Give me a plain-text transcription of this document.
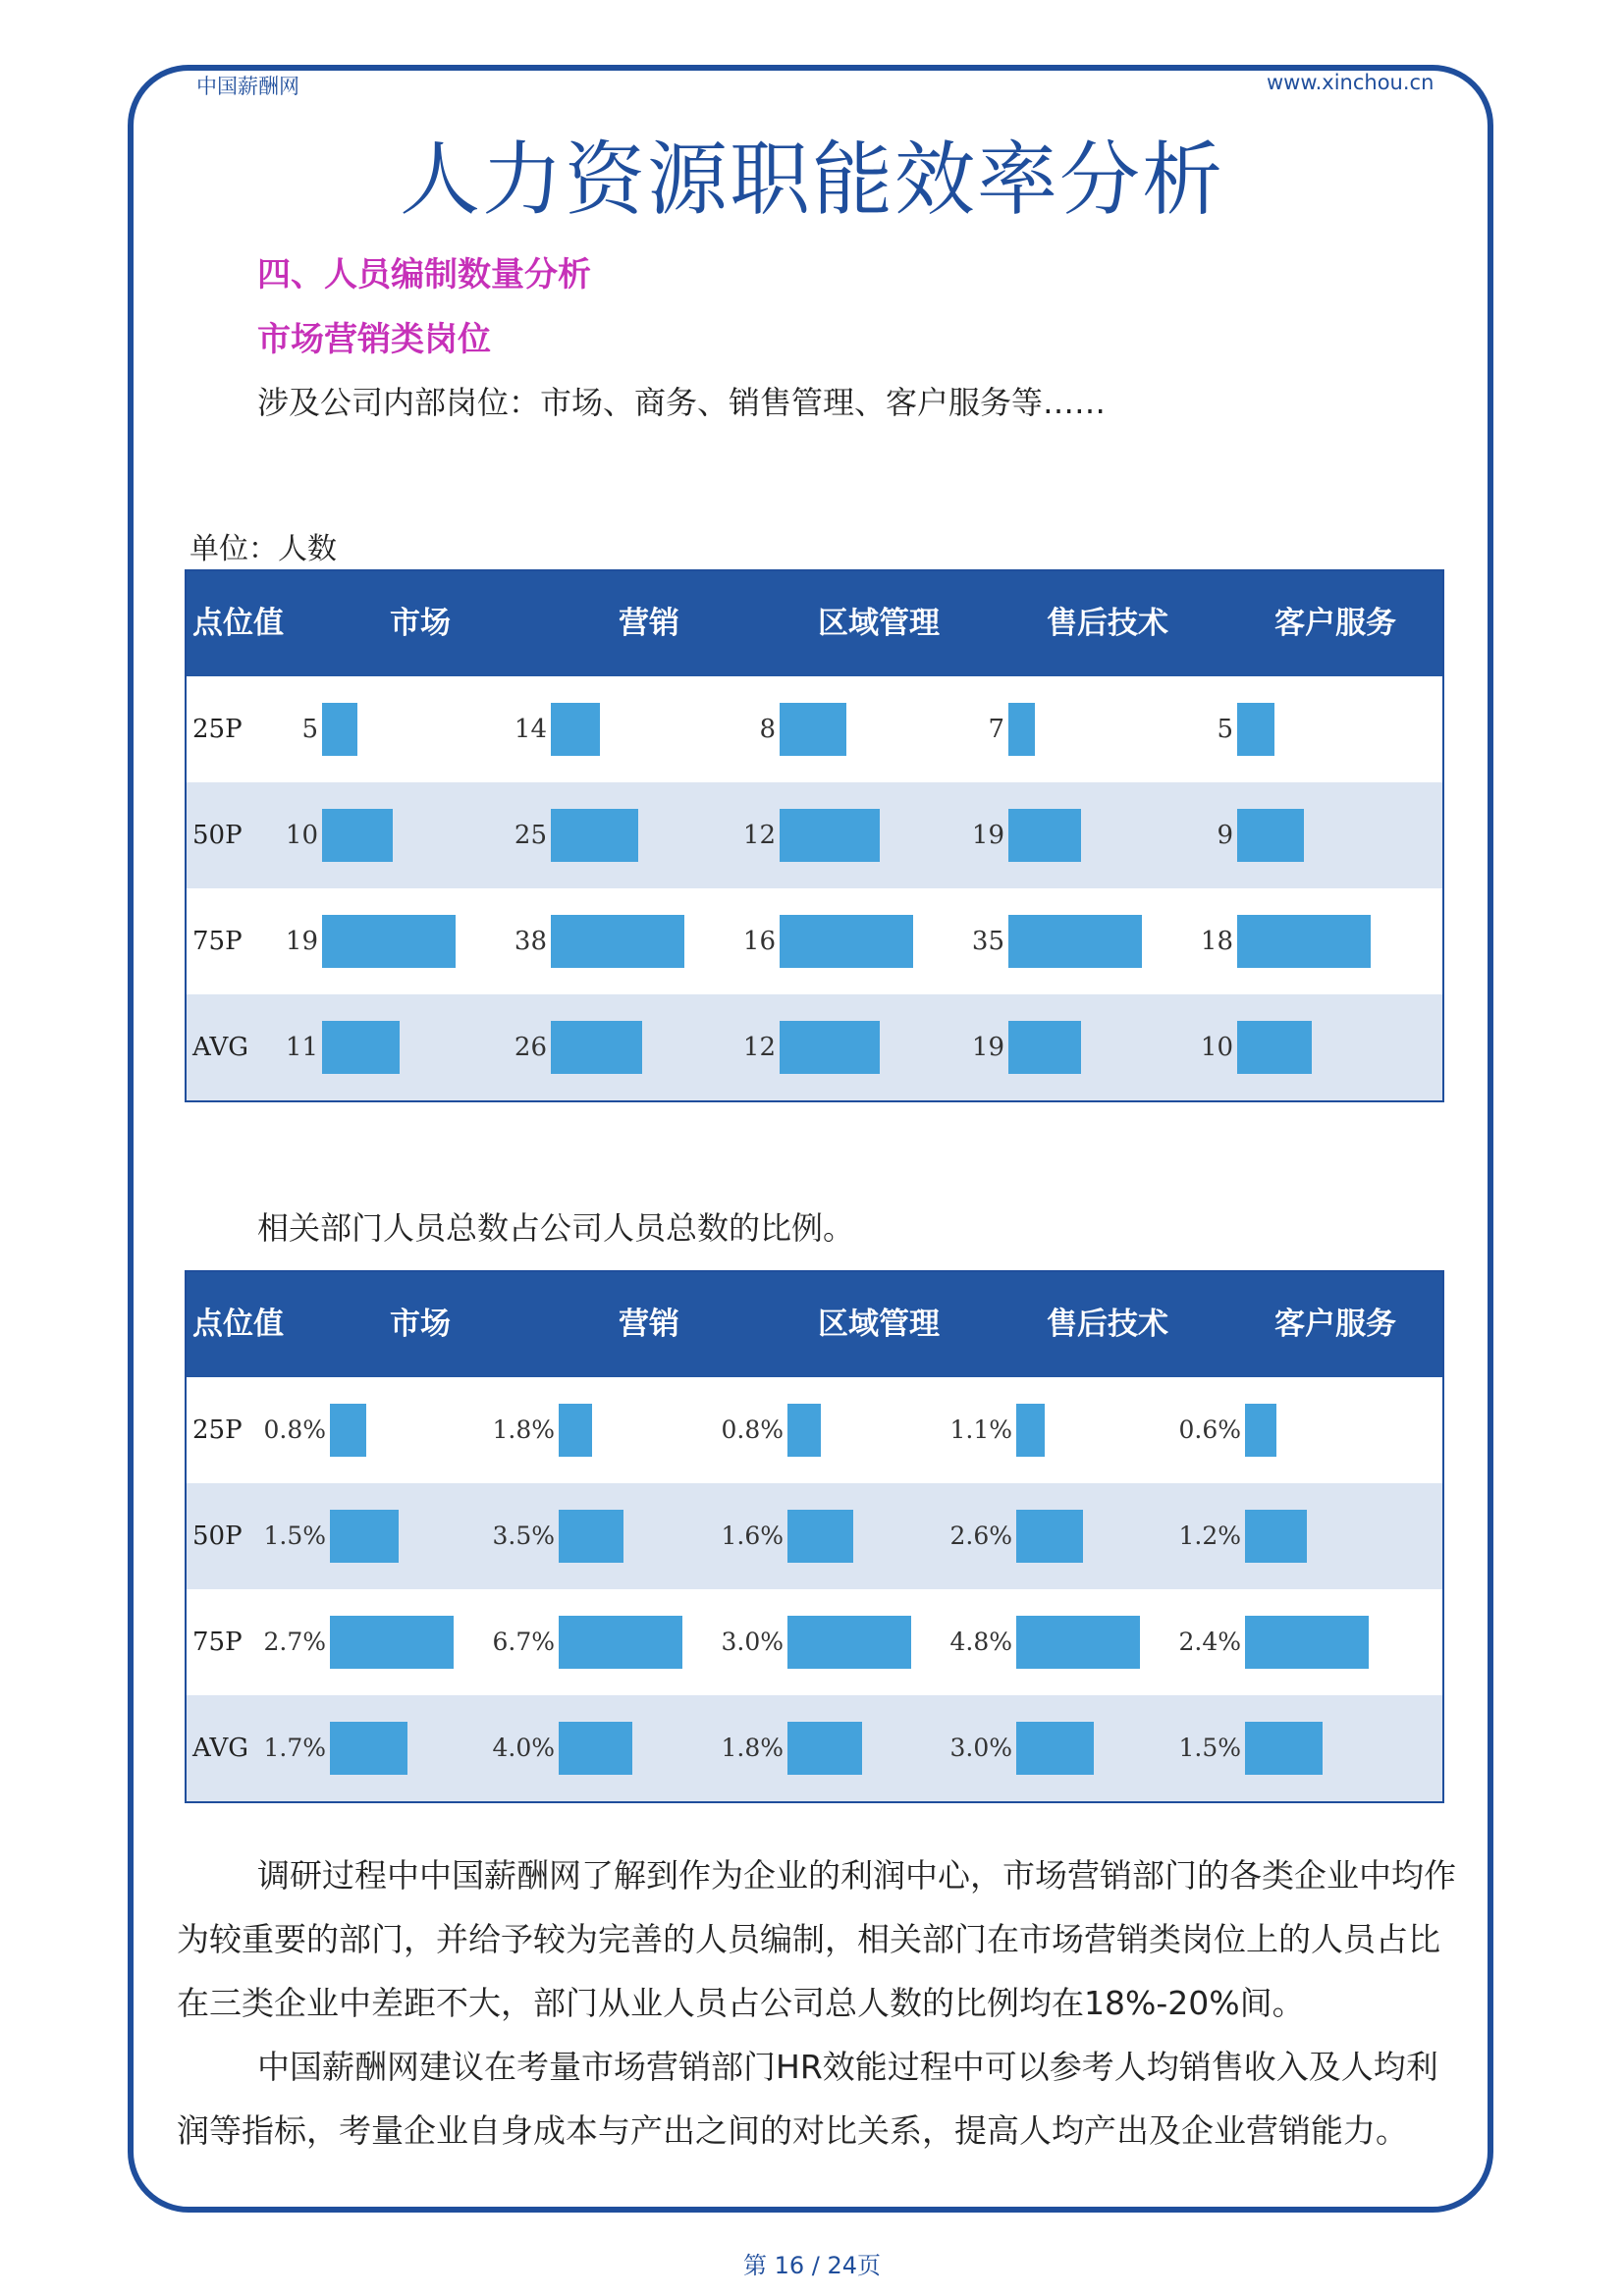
中国薪酬网	www.xinchou.cn
人力资源职能效率分析
四、人员编制数量分析
市场营销类岗位
涉及公司内部岗位：市场、商务、销售管理、客户服务等……
单位：人数
点位值	市场	营销	区域管理	售后技术	客户服务
25P 5	14	8	7	5
50P 10	25	12	19	9
75P 19	38	16	35	18
AVG 11	26	12	19	10
相关部门人员总数占公司人员总数的比例。
点位值	市场	营销	区域管理	售后技术	客户服务
25P 0.8%	1.8%	0.8%	1.1%	0.6%
50P 1.5%	3.5%	1.6%	2.6%	1.2%
75P 2.7%	6.7%	3.0%	4.8%	2.4%
AVG 1.7%	4.0%	1.8%	3.0%	1.5%

调研过程中中国薪酬网了解到作为企业的利润中心，市场营销部门的各类企业中均作为较重要的部门，并给予较为完善的人员编制，相关部门在市场营销类岗位上的人员占比在三类企业中差距不大，部门从业人员占公司总人数的比例均在18%-20%间。

中国薪酬网建议在考量市场营销部门HR效能过程中可以参考人均销售收入及人均利润等指标，考量企业自身成本与产出之间的对比关系，提高人均产出及企业营销能力。

第 16 / 24页
